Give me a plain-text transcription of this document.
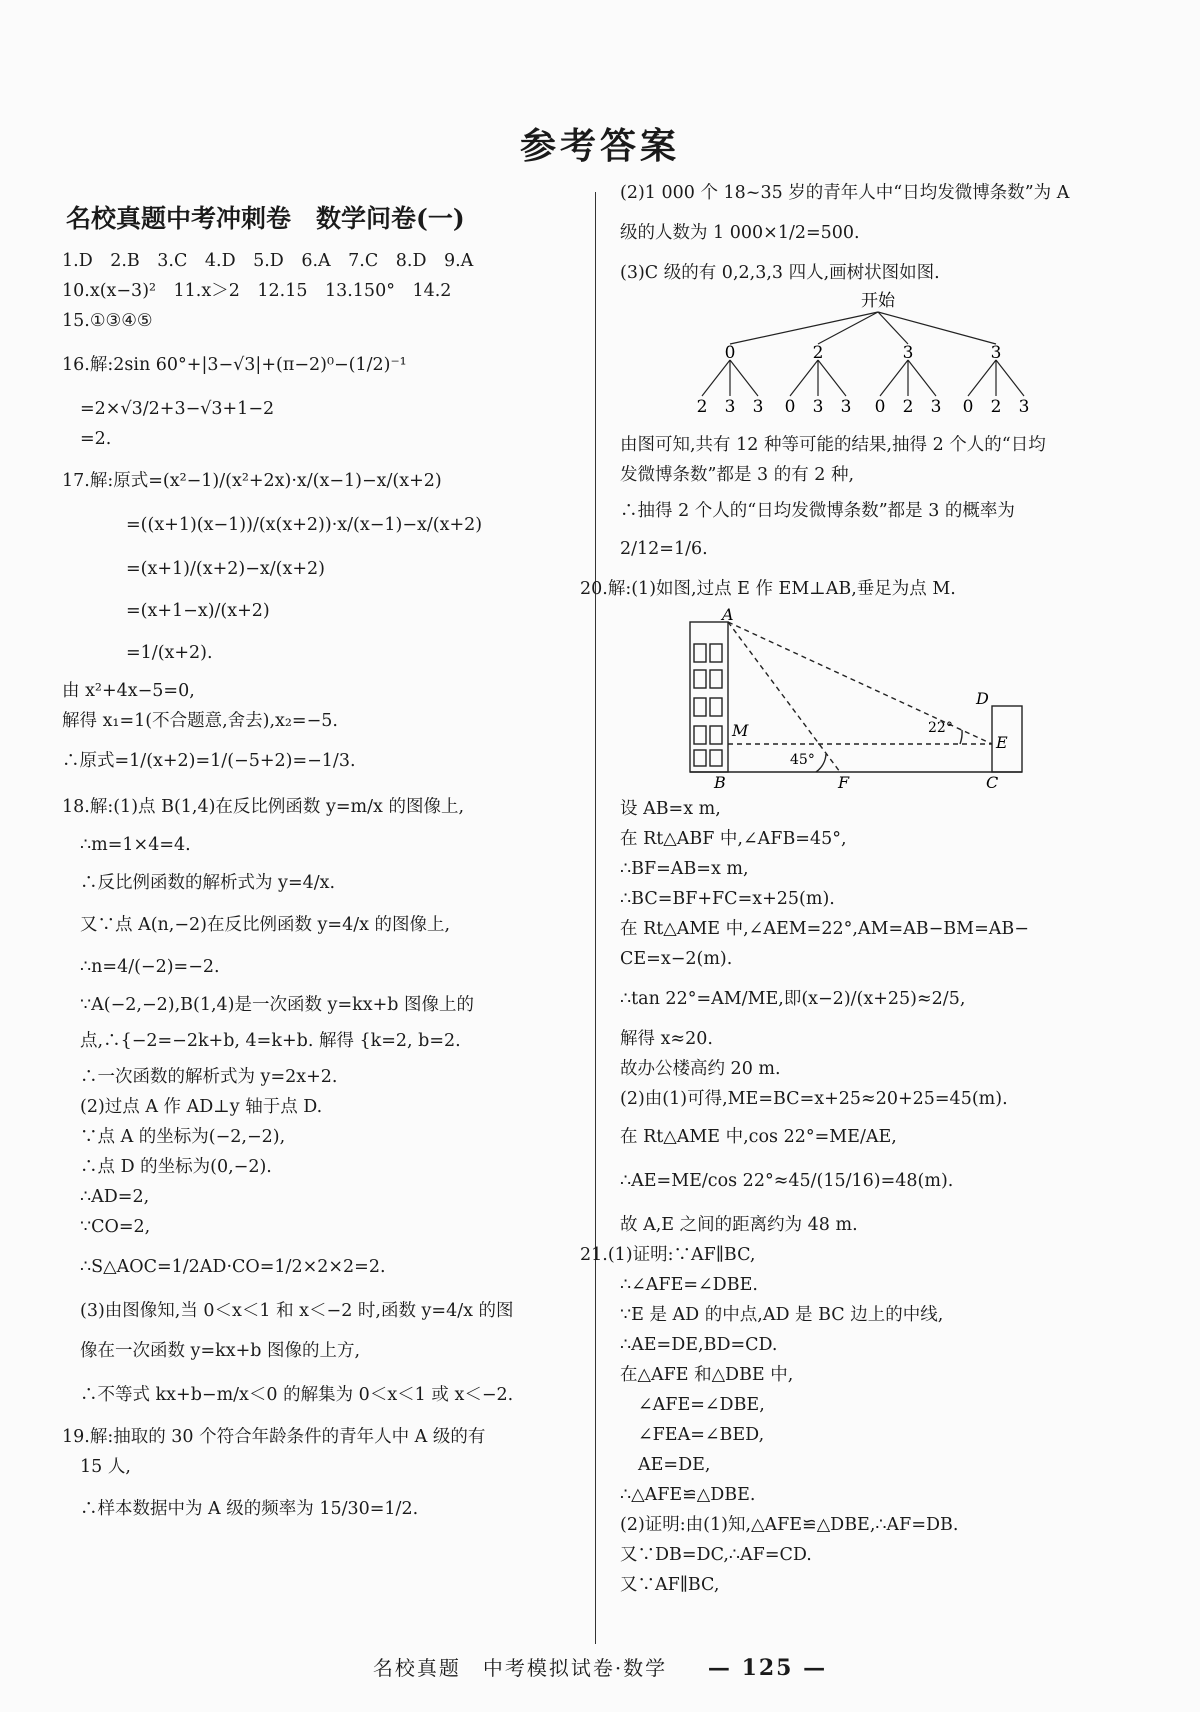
参考答案
名校真题中考冲刺卷　数学问卷(一)
1.D　2.B　3.C　4.D　5.D　6.A　7.C　8.D　9.A
10.x(x−3)²　11.x＞2　12.15　13.150°　14.2
15.①③④⑤
16.解:2sin 60°+|3−√3|+(π−2)⁰−(1/2)⁻¹
=2×√3/2+3−√3+1−2
=2.
17.解:原式=(x²−1)/(x²+2x)·x/(x−1)−x/(x+2)
=((x+1)(x−1))/(x(x+2))·x/(x−1)−x/(x+2)
=(x+1)/(x+2)−x/(x+2)
=(x+1−x)/(x+2)
=1/(x+2).
由 x²+4x−5=0,
解得 x₁=1(不合题意,舍去),x₂=−5.
∴原式=1/(x+2)=1/(−5+2)=−1/3.
18.解:(1)点 B(1,4)在反比例函数 y=m/x 的图像上,
∴m=1×4=4.
∴反比例函数的解析式为 y=4/x.
又∵点 A(n,−2)在反比例函数 y=4/x 的图像上,
∴n=4/(−2)=−2.
∵A(−2,−2),B(1,4)是一次函数 y=kx+b 图像上的
点,∴{−2=−2k+b, 4=k+b. 解得 {k=2, b=2.
∴一次函数的解析式为 y=2x+2.
(2)过点 A 作 AD⊥y 轴于点 D.
∵点 A 的坐标为(−2,−2),
∴点 D 的坐标为(0,−2).
∴AD=2,
∵CO=2,
∴S△AOC=1/2AD·CO=1/2×2×2=2.
(3)由图像知,当 0＜x＜1 和 x＜−2 时,函数 y=4/x 的图
像在一次函数 y=kx+b 图像的上方,
∴不等式 kx+b−m/x＜0 的解集为 0＜x＜1 或 x＜−2.
19.解:抽取的 30 个符合年龄条件的青年人中 A 级的有
15 人,
∴样本数据中为 A 级的频率为 15/30=1/2.
(2)1 000 个 18~35 岁的青年人中“日均发微博条数”为 A
级的人数为 1 000×1/2=500.
(3)C 级的有 0,2,3,3 四人,画树状图如图.
开始
0	2	3	3
2 3 3 0 3 3 0 2 3 0 2 3
由图可知,共有 12 种等可能的结果,抽得 2 个人的“日均
发微博条数”都是 3 的有 2 种,
∴抽得 2 个人的“日均发微博条数”都是 3 的概率为
2/12=1/6.
20.解:(1)如图,过点 E 作 EM⊥AB,垂足为点 M.
A
M
B	F	C
D
E
45°
22°
设 AB=x m,
在 Rt△ABF 中,∠AFB=45°,
∴BF=AB=x m,
∴BC=BF+FC=x+25(m).
在 Rt△AME 中,∠AEM=22°,AM=AB−BM=AB−
CE=x−2(m).
∴tan 22°=AM/ME,即(x−2)/(x+25)≈2/5,
解得 x≈20.
故办公楼高约 20 m.
(2)由(1)可得,ME=BC=x+25≈20+25=45(m).
在 Rt△AME 中,cos 22°=ME/AE,
∴AE=ME/cos 22°≈45/(15/16)=48(m).
故 A,E 之间的距离约为 48 m.
21.(1)证明:∵AF∥BC,
∴∠AFE=∠DBE.
∵E 是 AD 的中点,AD 是 BC 边上的中线,
∴AE=DE,BD=CD.
在△AFE 和△DBE 中,
∠AFE=∠DBE,
∠FEA=∠BED,
AE=DE,
∴△AFE≌△DBE.
(2)证明:由(1)知,△AFE≌△DBE,∴AF=DB.
又∵DB=DC,∴AF=CD.
又∵AF∥BC,
名校真题　中考模拟试卷·数学 — 125 —
